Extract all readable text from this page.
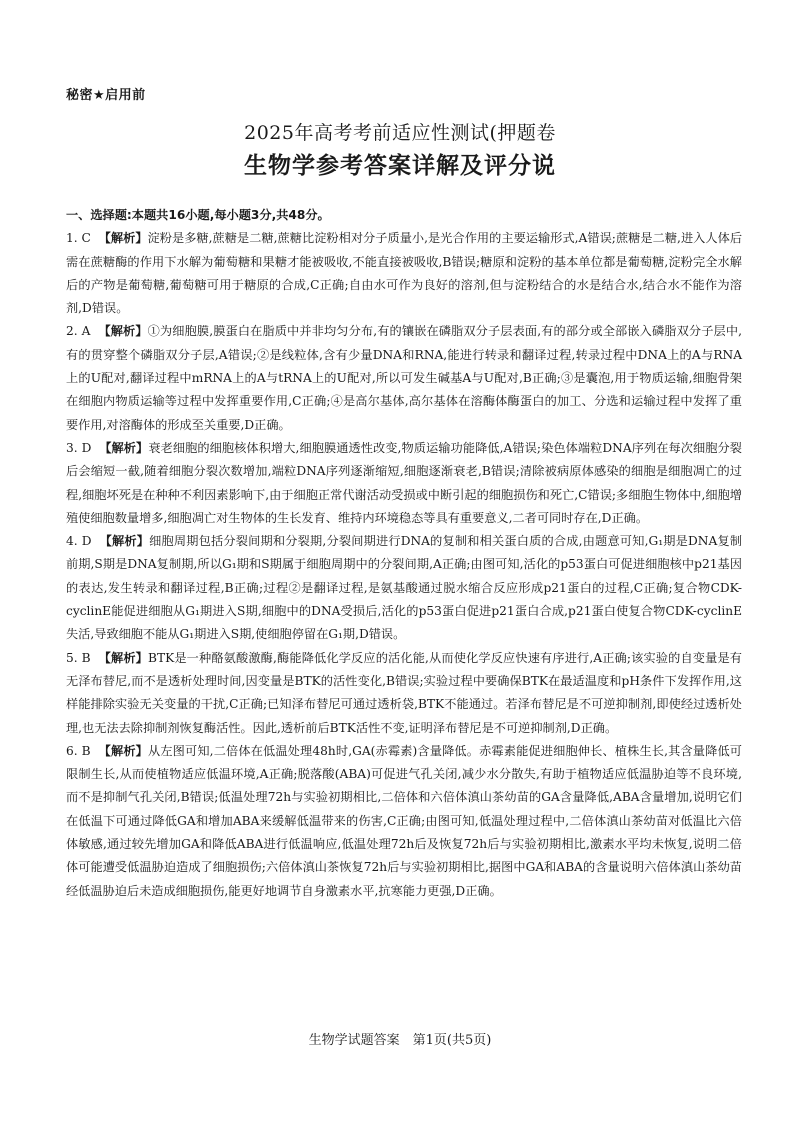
秘密★启用前
2025年高考考前适应性测试(押题卷
生物学参考答案详解及评分说
一、选择题:本题共16小题,每小题3分,共48分。

1. C 【解析】淀粉是多糖,蔗糖是二糖,蔗糖比淀粉相对分子质量小,是光合作用的主要运输形式,A错误;蔗糖是二糖,进入人体后需在蔗糖酶的作用下水解为葡萄糖和果糖才能被吸收,不能直接被吸收,B错误;糖原和淀粉的基本单位都是葡萄糖,淀粉完全水解后的产物是葡萄糖,葡萄糖可用于糖原的合成,C正确;自由水可作为良好的溶剂,但与淀粉结合的水是结合水,结合水不能作为溶剂,D错误。

2. A 【解析】①为细胞膜,膜蛋白在脂质中并非均匀分布,有的镶嵌在磷脂双分子层表面,有的部分或全部嵌入磷脂双分子层中,有的贯穿整个磷脂双分子层,A错误;②是线粒体,含有少量DNA和RNA,能进行转录和翻译过程,转录过程中DNA上的A与RNA上的U配对,翻译过程中mRNA上的A与tRNA上的U配对,所以可发生碱基A与U配对,B正确;③是囊泡,用于物质运输,细胞骨架在细胞内物质运输等过程中发挥重要作用,C正确;④是高尔基体,高尔基体在溶酶体酶蛋白的加工、分选和运输过程中发挥了重要作用,对溶酶体的形成至关重要,D正确。

3. D 【解析】衰老细胞的细胞核体积增大,细胞膜通透性改变,物质运输功能降低,A错误;染色体端粒DNA序列在每次细胞分裂后会缩短一截,随着细胞分裂次数增加,端粒DNA序列逐渐缩短,细胞逐渐衰老,B错误;清除被病原体感染的细胞是细胞凋亡的过程,细胞坏死是在种种不利因素影响下,由于细胞正常代谢活动受损或中断引起的细胞损伤和死亡,C错误;多细胞生物体中,细胞增殖使细胞数量增多,细胞凋亡对生物体的生长发育、维持内环境稳态等具有重要意义,二者可同时存在,D正确。

4. D 【解析】细胞周期包括分裂间期和分裂期,分裂间期进行DNA的复制和相关蛋白质的合成,由题意可知,G₁期是DNA复制前期,S期是DNA复制期,所以G₁期和S期属于细胞周期中的分裂间期,A正确;由图可知,活化的p53蛋白可促进细胞核中p21基因的表达,发生转录和翻译过程,B正确;过程②是翻译过程,是氨基酸通过脱水缩合反应形成p21蛋白的过程,C正确;复合物CDK-cyclinE能促进细胞从G₁期进入S期,细胞中的DNA受损后,活化的p53蛋白促进p21蛋白合成,p21蛋白使复合物CDK-cyclinE失活,导致细胞不能从G₁期进入S期,使细胞停留在G₁期,D错误。

5. B 【解析】BTK是一种酪氨酸激酶,酶能降低化学反应的活化能,从而使化学反应快速有序进行,A正确;该实验的自变量是有无泽布替尼,而不是透析处理时间,因变量是BTK的活性变化,B错误;实验过程中要确保BTK在最适温度和pH条件下发挥作用,这样能排除实验无关变量的干扰,C正确;已知泽布替尼可通过透析袋,BTK不能通过。若泽布替尼是不可逆抑制剂,即使经过透析处理,也无法去除抑制剂恢复酶活性。因此,透析前后BTK活性不变,证明泽布替尼是不可逆抑制剂,D正确。

6. B 【解析】从左图可知,二倍体在低温处理48h时,GA(赤霉素)含量降低。赤霉素能促进细胞伸长、植株生长,其含量降低可限制生长,从而使植物适应低温环境,A正确;脱落酸(ABA)可促进气孔关闭,减少水分散失,有助于植物适应低温胁迫等不良环境,而不是抑制气孔关闭,B错误;低温处理72h与实验初期相比,二倍体和六倍体滇山茶幼苗的GA含量降低,ABA含量增加,说明它们在低温下可通过降低GA和增加ABA来缓解低温带来的伤害,C正确;由图可知,低温处理过程中,二倍体滇山茶幼苗对低温比六倍体敏感,通过较先增加GA和降低ABA进行低温响应,低温处理72h后及恢复72h后与实验初期相比,激素水平均未恢复,说明二倍体可能遭受低温胁迫造成了细胞损伤;六倍体滇山茶恢复72h后与实验初期相比,据图中GA和ABA的含量说明六倍体滇山茶幼苗经低温胁迫后未造成细胞损伤,能更好地调节自身激素水平,抗寒能力更强,D正确。

生物学试题答案　第1页(共5页)
